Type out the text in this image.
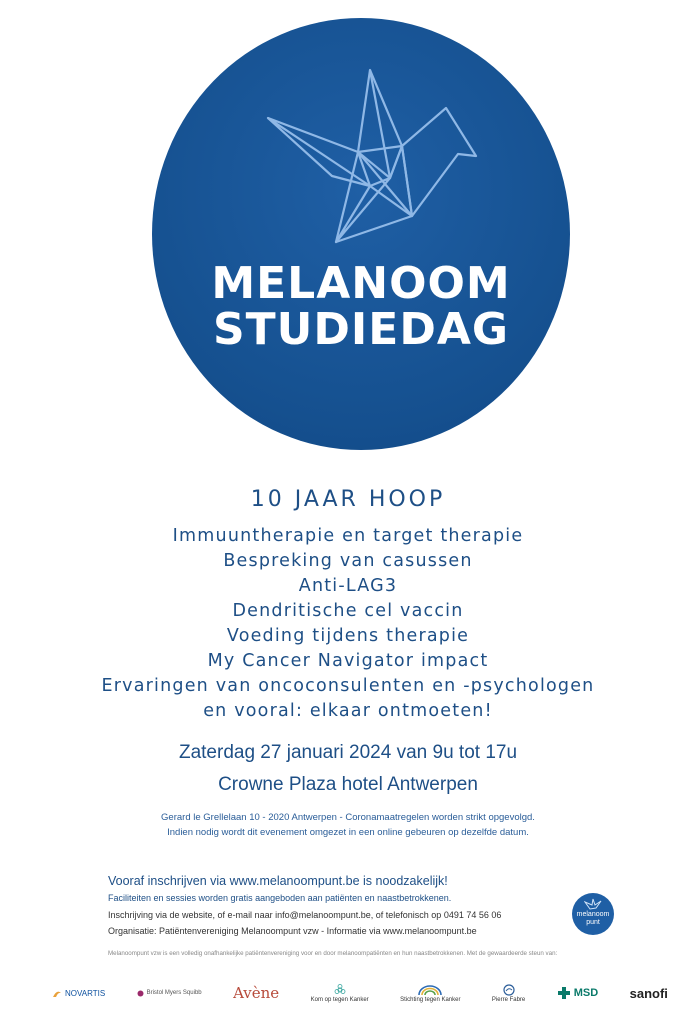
MELANOOM
STUDIEDAG
10 JAAR HOOP
Immuuntherapie en target therapie
Bespreking van casussen
Anti-LAG3
Dendritische cel vaccin
Voeding tijdens therapie
My Cancer Navigator impact
Ervaringen van oncoconsulenten en -psychologen
en vooral: elkaar ontmoeten!
Zaterdag 27 januari 2024 van 9u tot 17u
Crowne Plaza hotel Antwerpen
Gerard le Grellelaan 10 - 2020 Antwerpen - Coronamaatregelen worden strikt opgevolgd.
Indien nodig wordt dit evenement omgezet in een online gebeuren op dezelfde datum.
Vooraf inschrijven via www.melanoompunt.be is noodzakelijk!
Faciliteiten en sessies worden gratis aangeboden aan patiënten en naastbetrokkenen.
Inschrijving via de website, of e-mail naar info@melanoompunt.be, of telefonisch op 0491 74 56 06
Organisatie: Patiëntenvereniging Melanoompunt vzw - Informatie via www.melanoompunt.be
melanoom
punt
Melanoompunt vzw is een volledig onafhankelijke patiëntenvereniging voor en door melanoompatiënten en hun naastbetrokkenen. Met de gewaardeerde steun van:
NOVARTIS	Bristol Myers Squibb Avène	Kom op tegen Kanker	Stichting tegen Kanker	Pierre Fabre
MSD sanofi
